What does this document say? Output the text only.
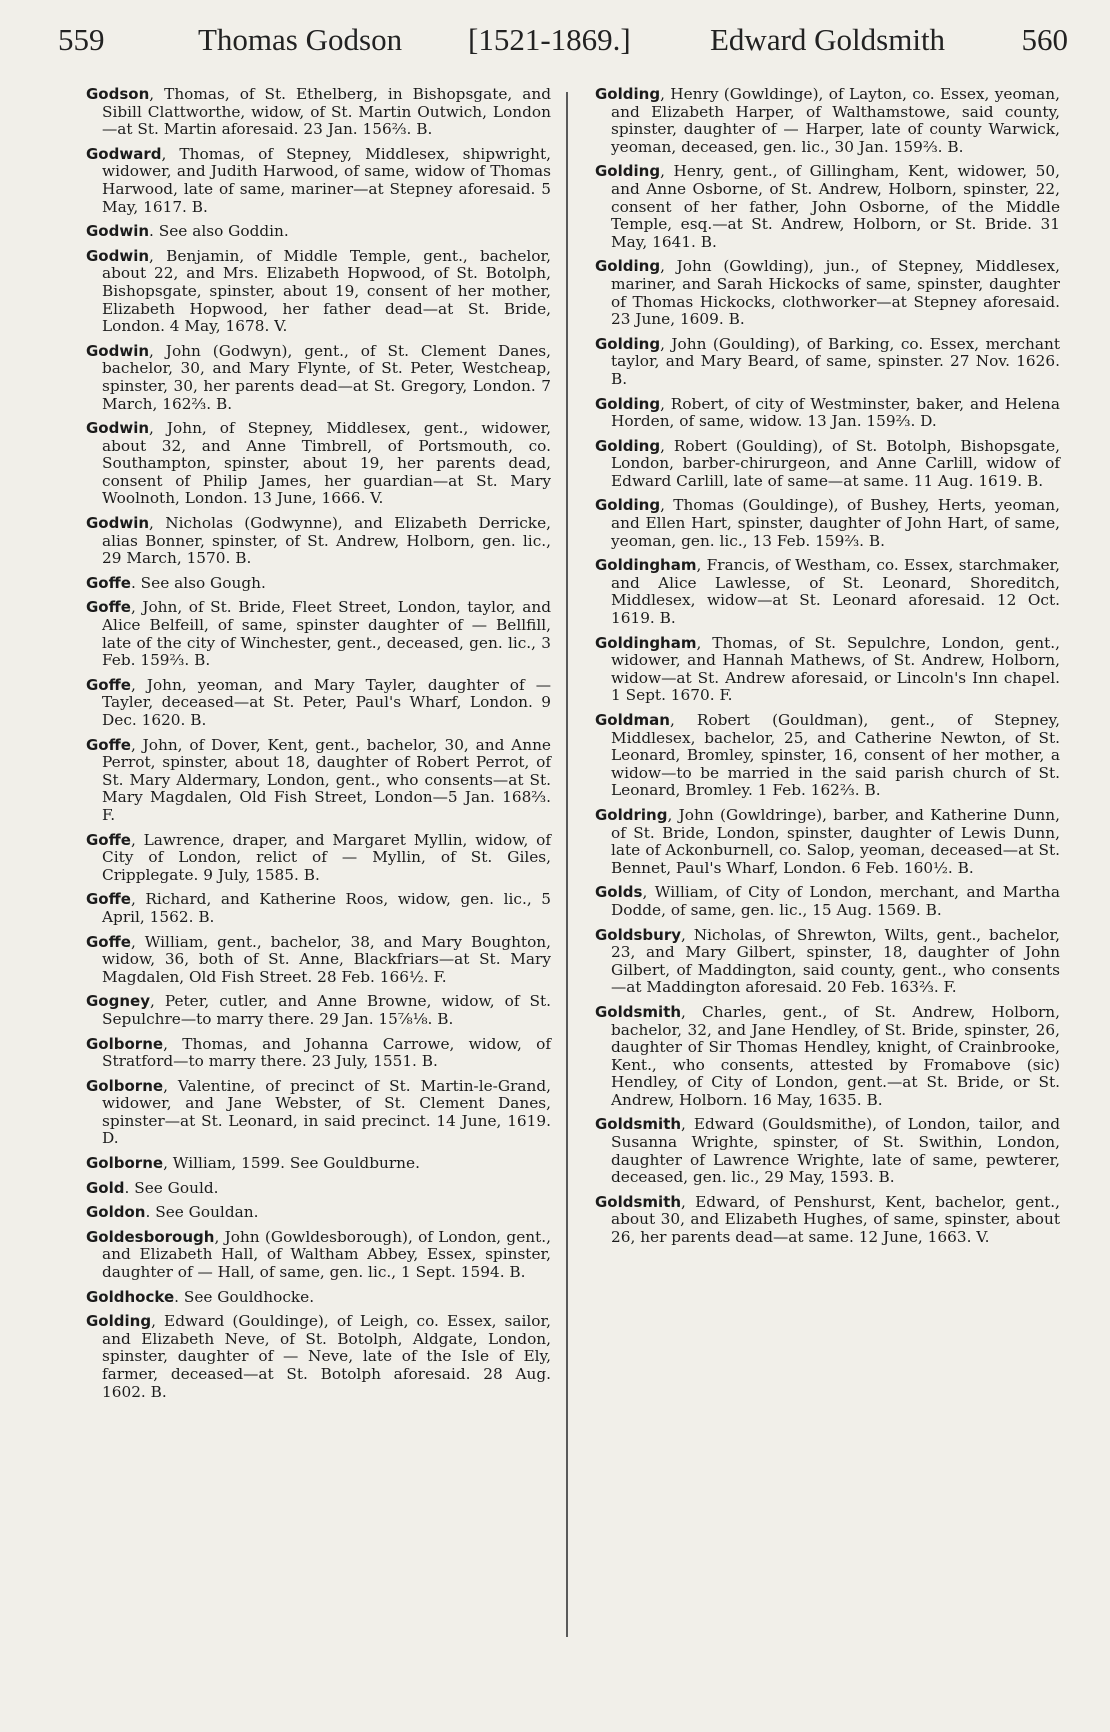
559	Thomas Godson [1521-1869.]	Edward Goldsmith 560

Godson, Thomas, of St. Ethelberg, in Bishopsgate, and Sibill Clattworthe, widow, of St. Martin Outwich, London—at St. Martin aforesaid. 23 Jan. 156⅔. B.

Godward, Thomas, of Stepney, Middlesex, shipwright, widower, and Judith Harwood, of same, widow of Thomas Harwood, late of same, mariner—at Stepney aforesaid. 5 May, 1617. B.

Godwin. See also Goddin.

Godwin, Benjamin, of Middle Temple, gent., bachelor, about 22, and Mrs. Elizabeth Hopwood, of St. Botolph, Bishopsgate, spinster, about 19, consent of her mother, Elizabeth Hopwood, her father dead—at St. Bride, London. 4 May, 1678. V.

Godwin, John (Godwyn), gent., of St. Clement Danes, bachelor, 30, and Mary Flynte, of St. Peter, Westcheap, spinster, 30, her parents dead—at St. Gregory, London. 7 March, 162⅔. B.

Godwin, John, of Stepney, Middlesex, gent., widower, about 32, and Anne Timbrell, of Portsmouth, co. Southampton, spinster, about 19, her parents dead, consent of Philip James, her guardian—at St. Mary Woolnoth, London. 13 June, 1666. V.

Godwin, Nicholas (Godwynne), and Elizabeth Derricke, alias Bonner, spinster, of St. Andrew, Holborn, gen. lic., 29 March, 1570. B.

Goffe. See also Gough.

Goffe, John, of St. Bride, Fleet Street, London, taylor, and Alice Belfeill, of same, spinster daughter of — Bellfill, late of the city of Winchester, gent., deceased, gen. lic., 3 Feb. 159⅔. B.

Goffe, John, yeoman, and Mary Tayler, daughter of — Tayler, deceased—at St. Peter, Paul's Wharf, London. 9 Dec. 1620. B.

Goffe, John, of Dover, Kent, gent., bachelor, 30, and Anne Perrot, spinster, about 18, daughter of Robert Perrot, of St. Mary Aldermary, London, gent., who consents—at St. Mary Magdalen, Old Fish Street, London—5 Jan. 168⅔. F.

Goffe, Lawrence, draper, and Margaret Myllin, widow, of City of London, relict of — Myllin, of St. Giles, Cripplegate. 9 July, 1585. B.

Goffe, Richard, and Katherine Roos, widow, gen. lic., 5 April, 1562. B.

Goffe, William, gent., bachelor, 38, and Mary Boughton, widow, 36, both of St. Anne, Blackfriars—at St. Mary Magdalen, Old Fish Street. 28 Feb. 166½. F.

Gogney, Peter, cutler, and Anne Browne, widow, of St. Sepulchre—to marry there. 29 Jan. 15⅞⅛. B.

Golborne, Thomas, and Johanna Carrowe, widow, of Stratford—to marry there. 23 July, 1551. B.

Golborne, Valentine, of precinct of St. Martin-le-Grand, widower, and Jane Webster, of St. Clement Danes, spinster—at St. Leonard, in said precinct. 14 June, 1619. D.

Golborne, William, 1599. See Gouldburne.

Gold. See Gould.

Goldon. See Gouldan.

Goldesborough, John (Gowldesborough), of London, gent., and Elizabeth Hall, of Waltham Abbey, Essex, spinster, daughter of — Hall, of same, gen. lic., 1 Sept. 1594. B.

Goldhocke. See Gouldhocke.

Golding, Edward (Gouldinge), of Leigh, co. Essex, sailor, and Elizabeth Neve, of St. Botolph, Aldgate, London, spinster, daughter of — Neve, late of the Isle of Ely, farmer, deceased—at St. Botolph aforesaid. 28 Aug. 1602. B.

Golding, Henry (Gowldinge), of Layton, co. Essex, yeoman, and Elizabeth Harper, of Walthamstowe, said county, spinster, daughter of — Harper, late of county Warwick, yeoman, deceased, gen. lic., 30 Jan. 159⅔. B.

Golding, Henry, gent., of Gillingham, Kent, widower, 50, and Anne Osborne, of St. Andrew, Holborn, spinster, 22, consent of her father, John Osborne, of the Middle Temple, esq.—at St. Andrew, Holborn, or St. Bride. 31 May, 1641. B.

Golding, John (Gowlding), jun., of Stepney, Middlesex, mariner, and Sarah Hickocks of same, spinster, daughter of Thomas Hickocks, clothworker—at Stepney aforesaid. 23 June, 1609. B.

Golding, John (Goulding), of Barking, co. Essex, merchant taylor, and Mary Beard, of same, spinster. 27 Nov. 1626. B.

Golding, Robert, of city of Westminster, baker, and Helena Horden, of same, widow. 13 Jan. 159⅔. D.

Golding, Robert (Goulding), of St. Botolph, Bishopsgate, London, barber-chirurgeon, and Anne Carlill, widow of Edward Carlill, late of same—at same. 11 Aug. 1619. B.

Golding, Thomas (Gouldinge), of Bushey, Herts, yeoman, and Ellen Hart, spinster, daughter of John Hart, of same, yeoman, gen. lic., 13 Feb. 159⅔. B.

Goldingham, Francis, of Westham, co. Essex, starchmaker, and Alice Lawlesse, of St. Leonard, Shoreditch, Middlesex, widow—at St. Leonard aforesaid. 12 Oct. 1619. B.

Goldingham, Thomas, of St. Sepulchre, London, gent., widower, and Hannah Mathews, of St. Andrew, Holborn, widow—at St. Andrew aforesaid, or Lincoln's Inn chapel. 1 Sept. 1670. F.

Goldman, Robert (Gouldman), gent., of Stepney, Middlesex, bachelor, 25, and Catherine Newton, of St. Leonard, Bromley, spinster, 16, consent of her mother, a widow—to be married in the said parish church of St. Leonard, Bromley. 1 Feb. 162⅔. B.

Goldring, John (Gowldringe), barber, and Katherine Dunn, of St. Bride, London, spinster, daughter of Lewis Dunn, late of Ackonburnell, co. Salop, yeoman, deceased—at St. Bennet, Paul's Wharf, London. 6 Feb. 160½. B.

Golds, William, of City of London, merchant, and Martha Dodde, of same, gen. lic., 15 Aug. 1569. B.

Goldsbury, Nicholas, of Shrewton, Wilts, gent., bachelor, 23, and Mary Gilbert, spinster, 18, daughter of John Gilbert, of Maddington, said county, gent., who consents—at Maddington aforesaid. 20 Feb. 163⅔. F.

Goldsmith, Charles, gent., of St. Andrew, Holborn, bachelor, 32, and Jane Hendley, of St. Bride, spinster, 26, daughter of Sir Thomas Hendley, knight, of Crainbrooke, Kent., who consents, attested by Fromabove (sic) Hendley, of City of London, gent.—at St. Bride, or St. Andrew, Holborn. 16 May, 1635. B.

Goldsmith, Edward (Gouldsmithe), of London, tailor, and Susanna Wrighte, spinster, of St. Swithin, London, daughter of Lawrence Wrighte, late of same, pewterer, deceased, gen. lic., 29 May, 1593. B.

Goldsmith, Edward, of Penshurst, Kent, bachelor, gent., about 30, and Elizabeth Hughes, of same, spinster, about 26, her parents dead—at same. 12 June, 1663. V.
